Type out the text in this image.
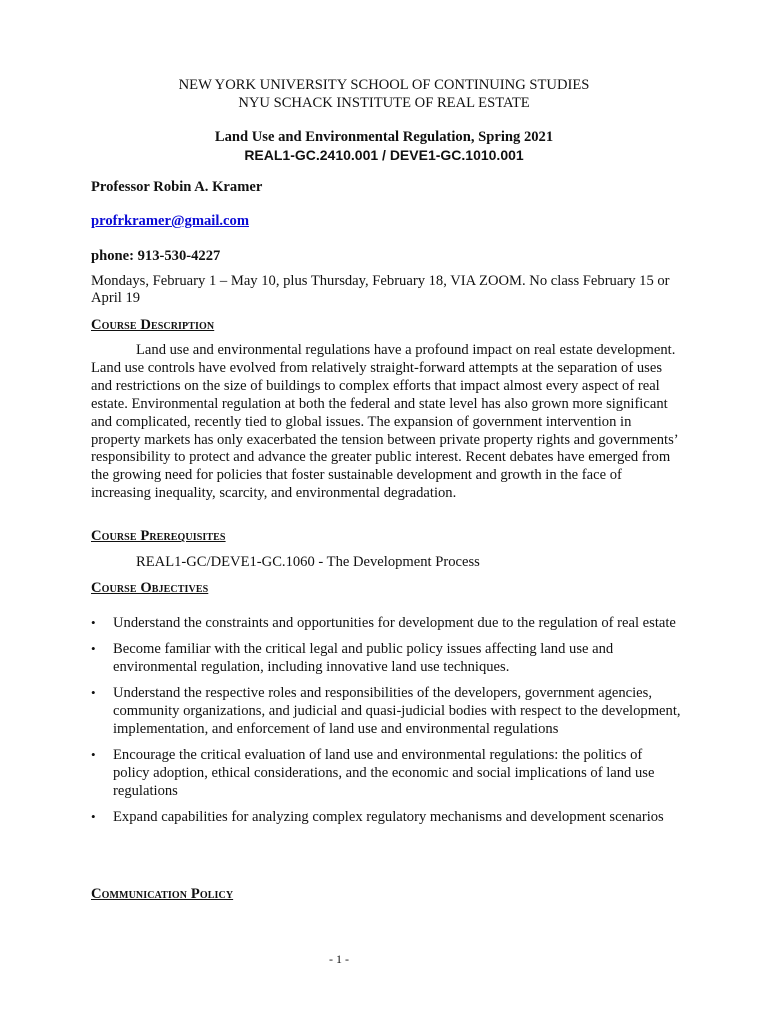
NEW YORK UNIVERSITY SCHOOL OF CONTINUING STUDIES
NYU SCHACK INSTITUTE OF REAL ESTATE
Land Use and Environmental Regulation, Spring 2021
REAL1-GC.2410.001 / DEVE1-GC.1010.001
Professor Robin A. Kramer
profrkramer@gmail.com
phone: 913-530-4227
Mondays, February 1 – May 10, plus Thursday, February 18, VIA ZOOM. No class February 15 or April 19
Course Description
Land use and environmental regulations have a profound impact on real estate development. Land use controls have evolved from relatively straight-forward attempts at the separation of uses and restrictions on the size of buildings to complex efforts that impact almost every aspect of real estate. Environmental regulation at both the federal and state level has also grown more significant and complicated, recently tied to global issues. The expansion of government intervention in property markets has only exacerbated the tension between private property rights and governments’ responsibility to protect and advance the greater public interest. Recent debates have emerged from the growing need for policies that foster sustainable development and growth in the face of increasing inequality, scarcity, and environmental degradation.
Course Prerequisites
REAL1-GC/DEVE1-GC.1060 - The Development Process
Course Objectives
• Understand the constraints and opportunities for development due to the regulation of real estate
• Become familiar with the critical legal and public policy issues affecting land use and environmental regulation, including innovative land use techniques.
• Understand the respective roles and responsibilities of the developers, government agencies, community organizations, and judicial and quasi-judicial bodies with respect to the development, implementation, and enforcement of land use and environmental regulations
• Encourage the critical evaluation of land use and environmental regulations: the politics of policy adoption, ethical considerations, and the economic and social implications of land use regulations
• Expand capabilities for analyzing complex regulatory mechanisms and development scenarios
Communication Policy
- 1 -
